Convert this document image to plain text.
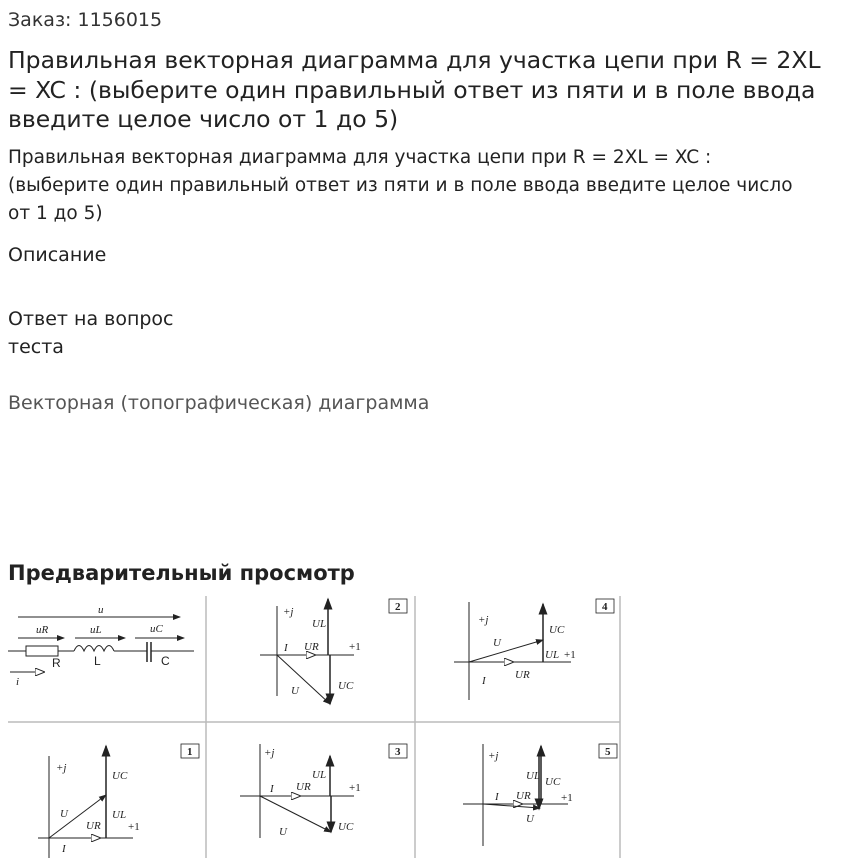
Заказ: 1156015
Правильная векторная диаграмма для участка цепи при R = 2XL = XC : (выберите один правильный ответ из пяти и в поле ввода введите целое число от 1 до 5)
Правильная векторная диаграмма для участка цепи при R = 2XL = XC :
(выберите один правильный ответ из пяти и в поле ввода введите целое число
от 1 до 5)
Описание
Ответ на вопрос
теста
Векторная (топографическая) диаграмма
Предварительный просмотр
u
uR	uL	uC
R	L	C
i
+j
+1
I UR
UL
UC
U
2
+j
+1
I
U
UR
UL
UC
4
+j
+1
U
UR
UL
UC
I
1	+j
+1
I UR
UL
UC
U
3	+j
+1
I UR
UL UC
U
5
